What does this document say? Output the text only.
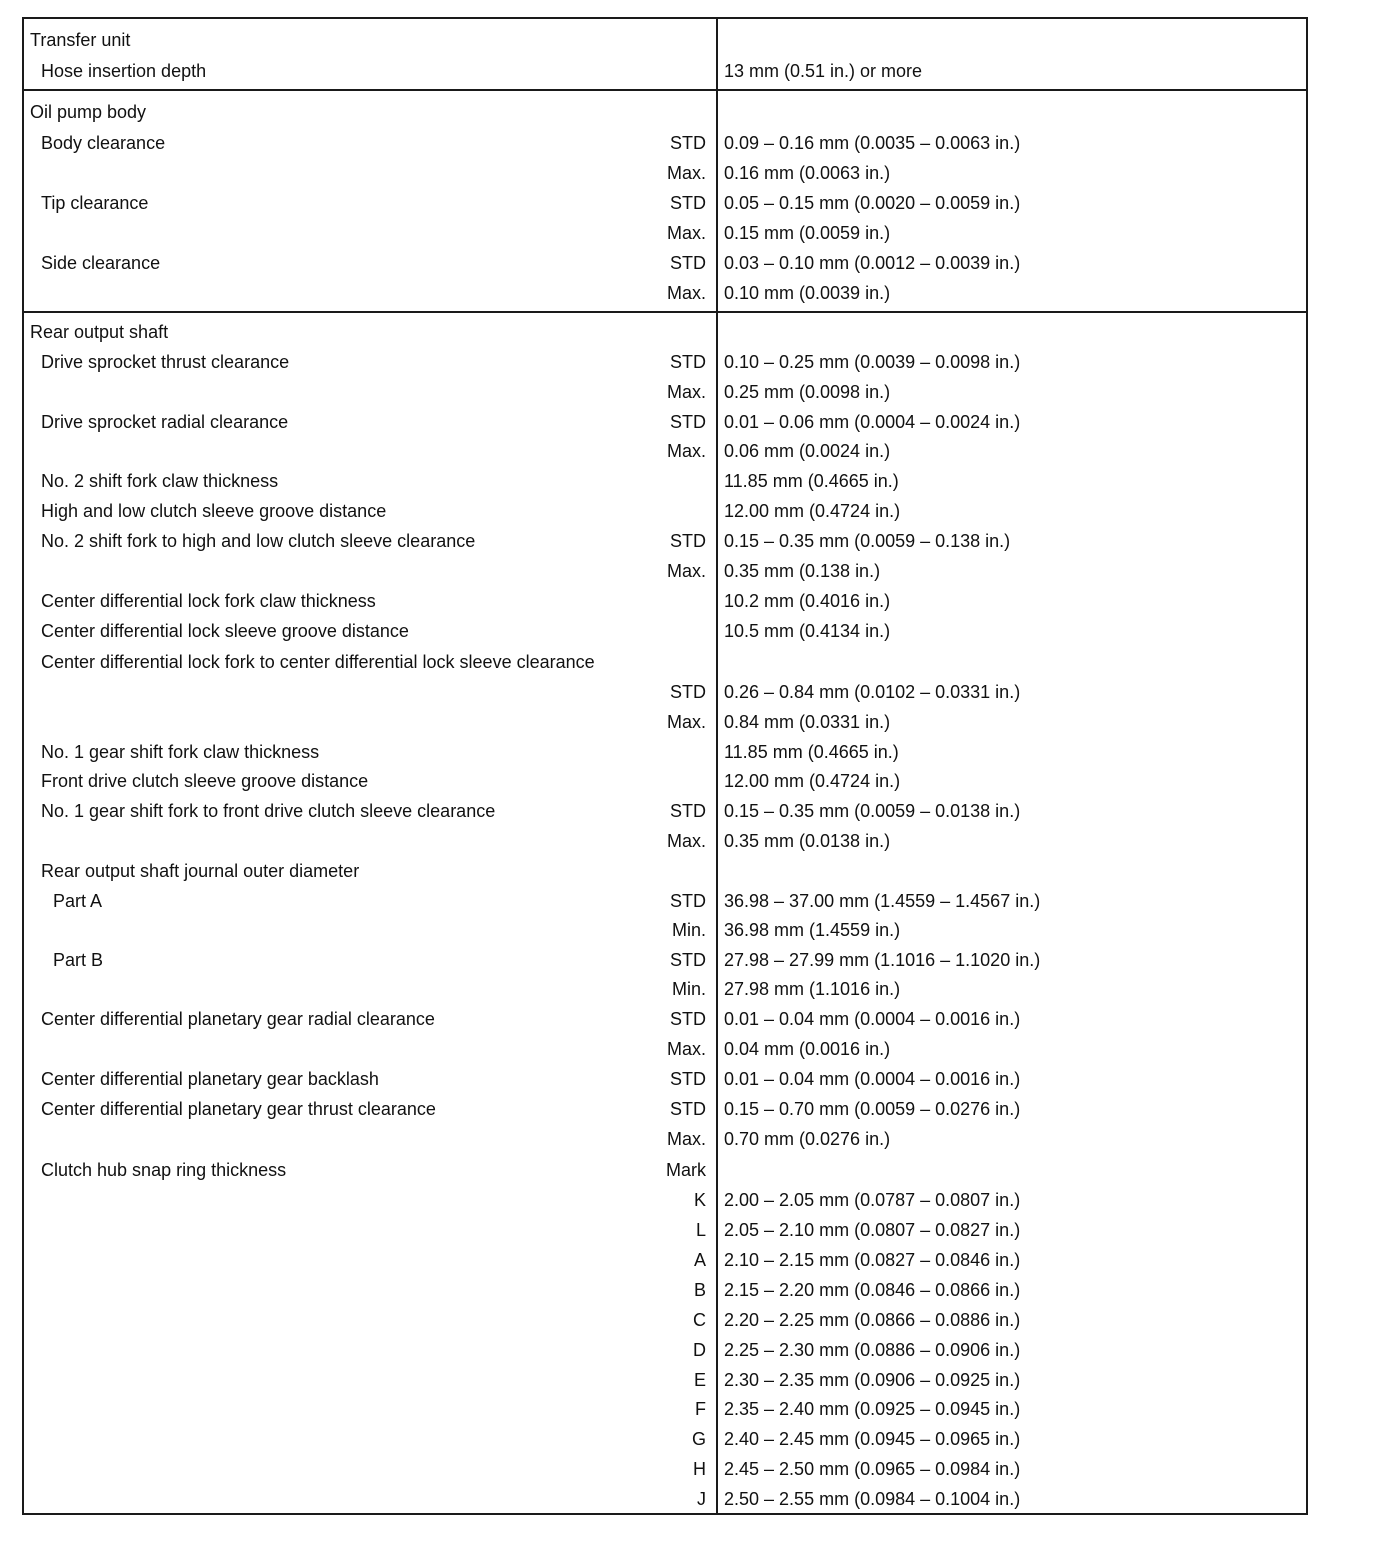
Transfer unit
Hose insertion depth	13 mm (0.51 in.) or more
Oil pump body
Body clearance	STD 0.09 – 0.16 mm (0.0035 – 0.0063 in.)
Max. 0.16 mm (0.0063 in.)
Tip clearance	STD 0.05 – 0.15 mm (0.0020 – 0.0059 in.)
Max. 0.15 mm (0.0059 in.)
Side clearance	STD 0.03 – 0.10 mm (0.0012 – 0.0039 in.)
Max. 0.10 mm (0.0039 in.)
Rear output shaft
Drive sprocket thrust clearance	STD 0.10 – 0.25 mm (0.0039 – 0.0098 in.)
Max. 0.25 mm (0.0098 in.)
Drive sprocket radial clearance	STD 0.01 – 0.06 mm (0.0004 – 0.0024 in.)
Max. 0.06 mm (0.0024 in.)
No. 2 shift fork claw thickness	11.85 mm (0.4665 in.)
High and low clutch sleeve groove distance	12.00 mm (0.4724 in.)
No. 2 shift fork to high and low clutch sleeve clearance	STD 0.15 – 0.35 mm (0.0059 – 0.138 in.)
Max. 0.35 mm (0.138 in.)
Center differential lock fork claw thickness	10.2 mm (0.4016 in.)
Center differential lock sleeve groove distance	10.5 mm (0.4134 in.)
Center differential lock fork to center differential lock sleeve clearance
STD 0.26 – 0.84 mm (0.0102 – 0.0331 in.)
Max. 0.84 mm (0.0331 in.)
No. 1 gear shift fork claw thickness	11.85 mm (0.4665 in.)
Front drive clutch sleeve groove distance	12.00 mm (0.4724 in.)
No. 1 gear shift fork to front drive clutch sleeve clearance	STD 0.15 – 0.35 mm (0.0059 – 0.0138 in.)
Max. 0.35 mm (0.0138 in.)
Rear output shaft journal outer diameter
Part A	STD 36.98 – 37.00 mm (1.4559 – 1.4567 in.)
Min. 36.98 mm (1.4559 in.)
Part B	STD 27.98 – 27.99 mm (1.1016 – 1.1020 in.)
Min. 27.98 mm (1.1016 in.)
Center differential planetary gear radial clearance	STD 0.01 – 0.04 mm (0.0004 – 0.0016 in.)
Max. 0.04 mm (0.0016 in.)
Center differential planetary gear backlash	STD 0.01 – 0.04 mm (0.0004 – 0.0016 in.)
Center differential planetary gear thrust clearance	STD 0.15 – 0.70 mm (0.0059 – 0.0276 in.)
Max. 0.70 mm (0.0276 in.)
Clutch hub snap ring thickness	Mark
K 2.00 – 2.05 mm (0.0787 – 0.0807 in.)
L 2.05 – 2.10 mm (0.0807 – 0.0827 in.)
A 2.10 – 2.15 mm (0.0827 – 0.0846 in.)
B 2.15 – 2.20 mm (0.0846 – 0.0866 in.)
C 2.20 – 2.25 mm (0.0866 – 0.0886 in.)
D 2.25 – 2.30 mm (0.0886 – 0.0906 in.)
E 2.30 – 2.35 mm (0.0906 – 0.0925 in.)
F 2.35 – 2.40 mm (0.0925 – 0.0945 in.)
G 2.40 – 2.45 mm (0.0945 – 0.0965 in.)
H 2.45 – 2.50 mm (0.0965 – 0.0984 in.)
J 2.50 – 2.55 mm (0.0984 – 0.1004 in.)
